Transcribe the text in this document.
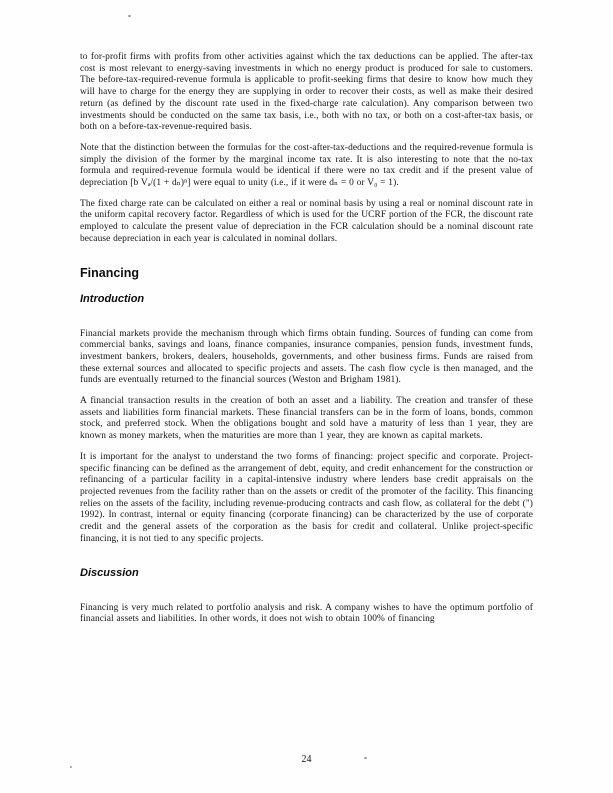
to for-profit firms with profits from other activities against which the tax deductions can be applied. The after-tax cost is most relevant to energy-saving investments in which no energy product is produced for sale to customers. The before-tax-required-revenue formula is applicable to profit-seeking firms that desire to know how much they will have to charge for the energy they are supplying in order to recover their costs, as well as make their desired return (as defined by the discount rate used in the fixed-charge rate calculation). Any comparison between two investments should be conducted on the same tax basis, i.e., both with no tax, or both on a cost-after-tax basis, or both on a before-tax-revenue-required basis.

Note that the distinction between the formulas for the cost-after-tax-deductions and the required-revenue formula is simply the division of the former by the marginal income tax rate. It is also interesting to note that the no-tax formula and required-revenue formula would be identical if there were no tax credit and if the present value of depreciation [b Vₐ/(1 + dₙ)ⁿ] were equal to unity (i.e., if it were dₙ = 0 or V₀ = 1).

The fixed charge rate can be calculated on either a real or nominal basis by using a real or nominal discount rate in the uniform capital recovery factor. Regardless of which is used for the UCRF portion of the FCR, the discount rate employed to calculate the present value of depreciation in the FCR calculation should be a nominal discount rate because depreciation in each year is calculated in nominal dollars.

Financing
Introduction

Financial markets provide the mechanism through which firms obtain funding. Sources of funding can come from commercial banks, savings and loans, finance companies, insurance companies, pension funds, investment funds, investment bankers, brokers, dealers, households, governments, and other business firms. Funds are raised from these external sources and allocated to specific projects and assets. The cash flow cycle is then managed, and the funds are eventually returned to the financial sources (Weston and Brigham 1981).

A financial transaction results in the creation of both an asset and a liability. The creation and transfer of these assets and liabilities form financial markets. These financial transfers can be in the form of loans, bonds, common stock, and preferred stock. When the obligations bought and sold have a maturity of less than 1 year, they are known as money markets, when the maturities are more than 1 year, they are known as capital markets.

It is important for the analyst to understand the two forms of financing: project specific and corporate. Project-specific financing can be defined as the arrangement of debt, equity, and credit enhancement for the construction or refinancing of a particular facility in a capital-intensive industry where lenders base credit appraisals on the projected revenues from the facility rather than on the assets or credit of the promoter of the facility. This financing relies on the assets of the facility, including revenue-producing contracts and cash flow, as collateral for the debt (") 1992). In contrast, internal or equity financing (corporate financing) can be characterized by the use of corporate credit and the general assets of the corporation as the basis for credit and collateral. Unlike project-specific financing, it is not tied to any specific projects.

Discussion

Financing is very much related to portfolio analysis and risk. A company wishes to have the optimum portfolio of financial assets and liabilities. In other words, it does not wish to obtain 100% of financing

24
